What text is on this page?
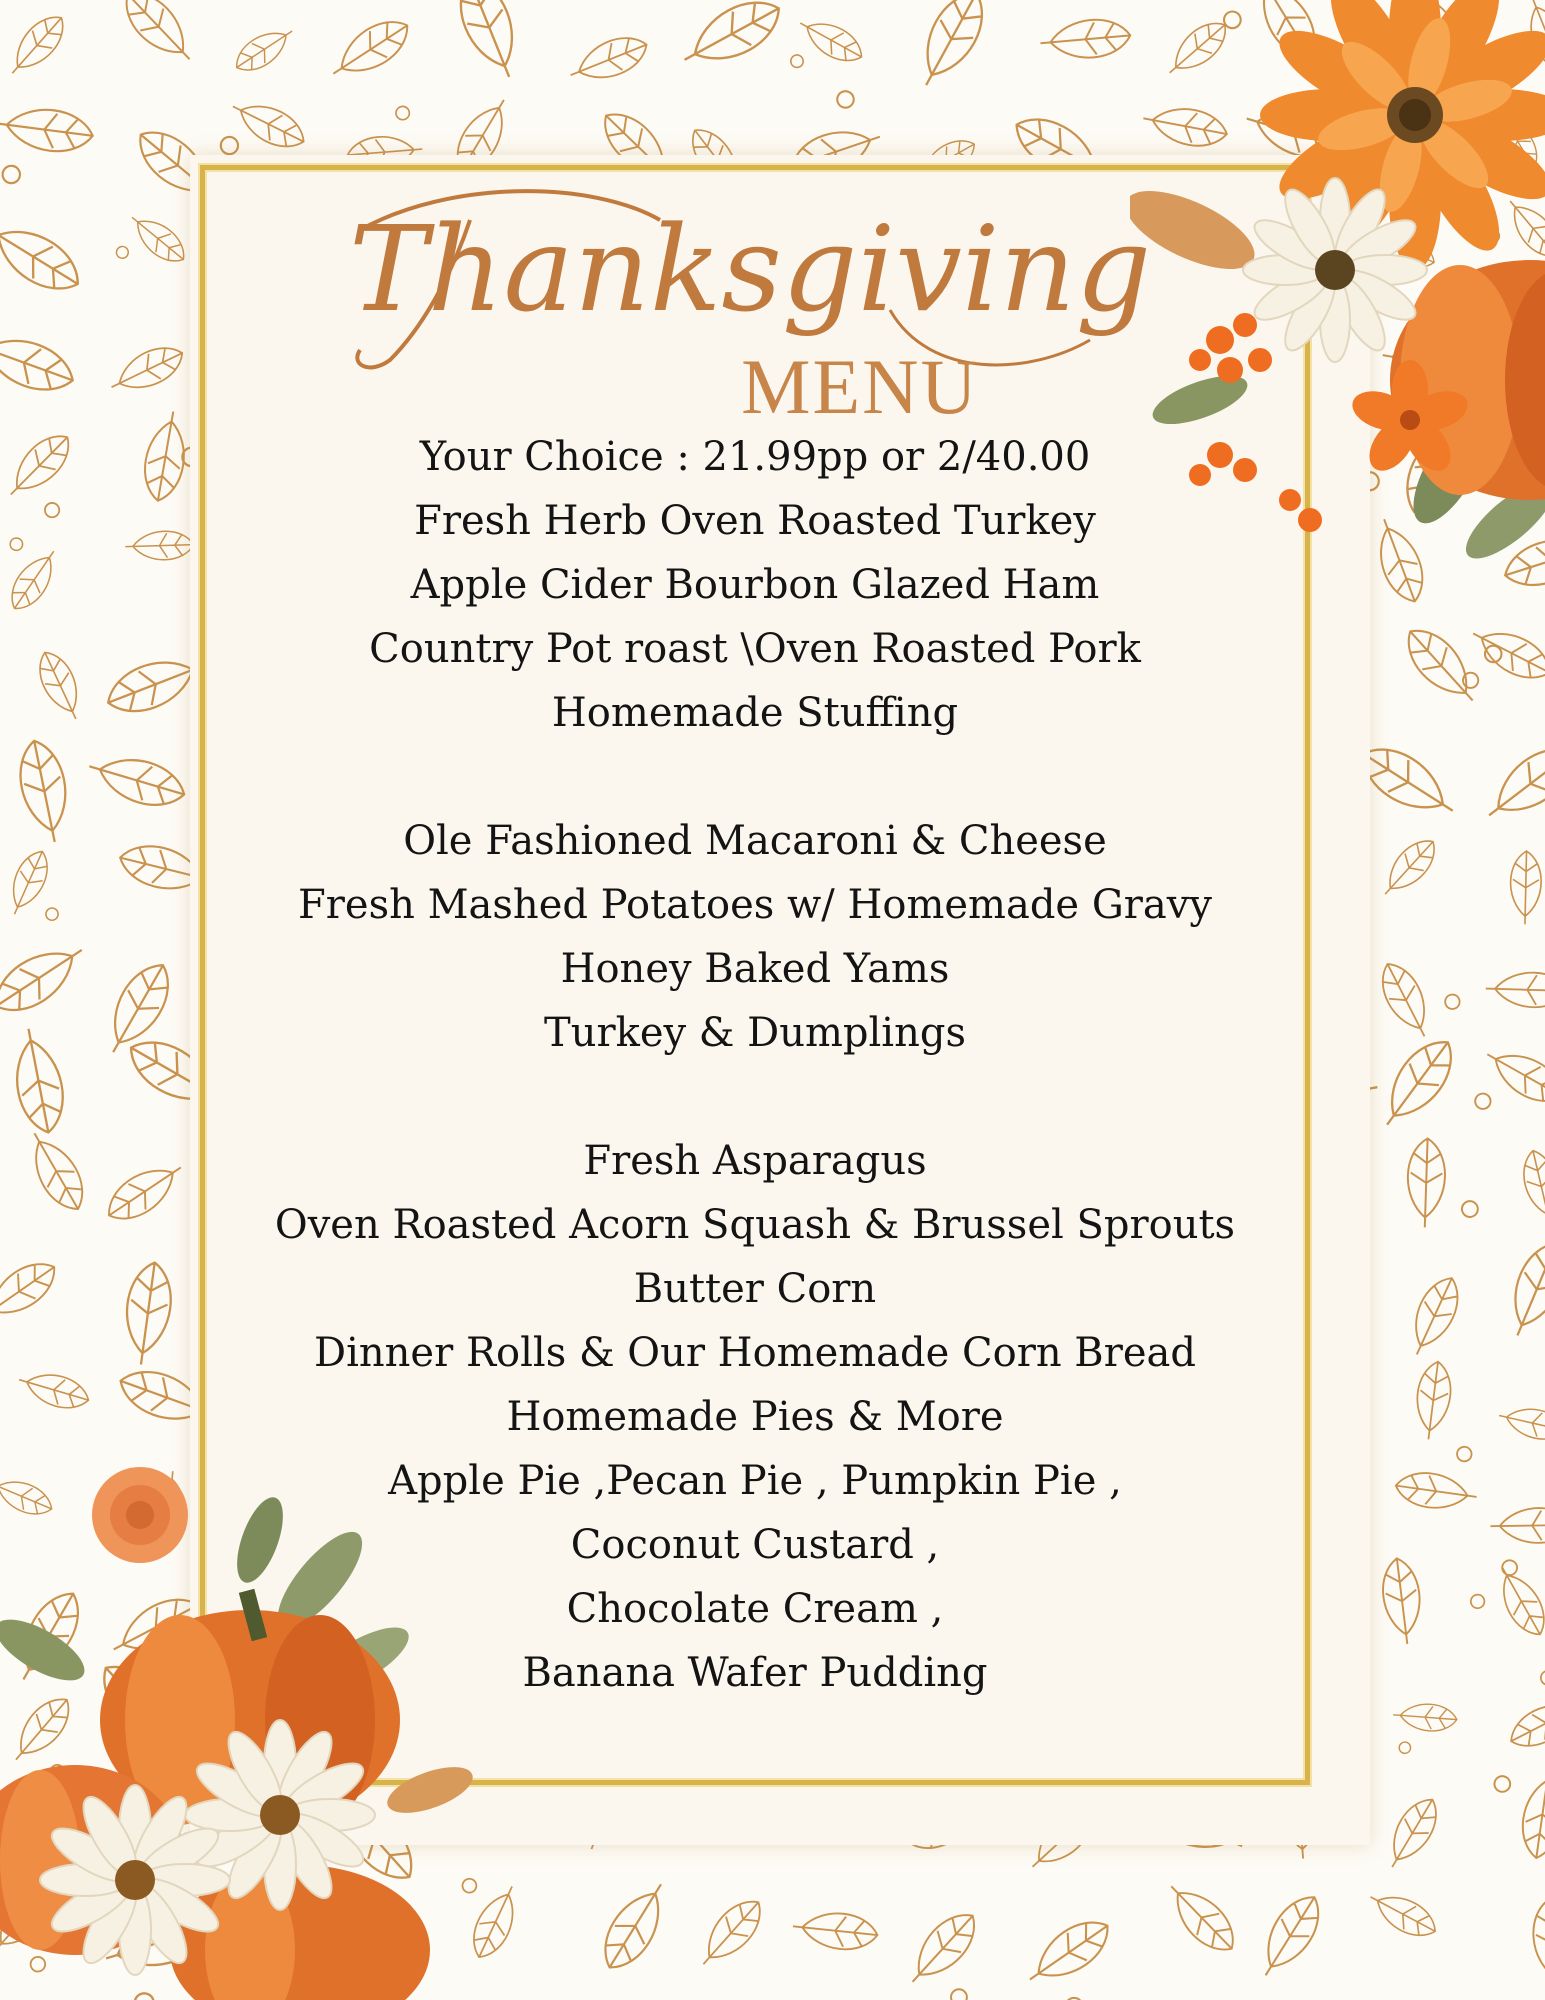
Thanksgiving
MENU
Your Choice : 21.99pp or 2/40.00
Fresh Herb Oven Roasted Turkey
Apple Cider Bourbon Glazed Ham
Country Pot roast \Oven Roasted Pork
Homemade Stuffing
Ole Fashioned Macaroni & Cheese
Fresh Mashed Potatoes w/ Homemade Gravy
Honey Baked Yams
Turkey & Dumplings
Fresh Asparagus
Oven Roasted Acorn Squash & Brussel Sprouts
Butter Corn
Dinner Rolls & Our Homemade Corn Bread
Homemade Pies & More
Apple Pie ,Pecan Pie , Pumpkin Pie ,
Coconut Custard ,
Chocolate Cream ,
Banana Wafer Pudding
